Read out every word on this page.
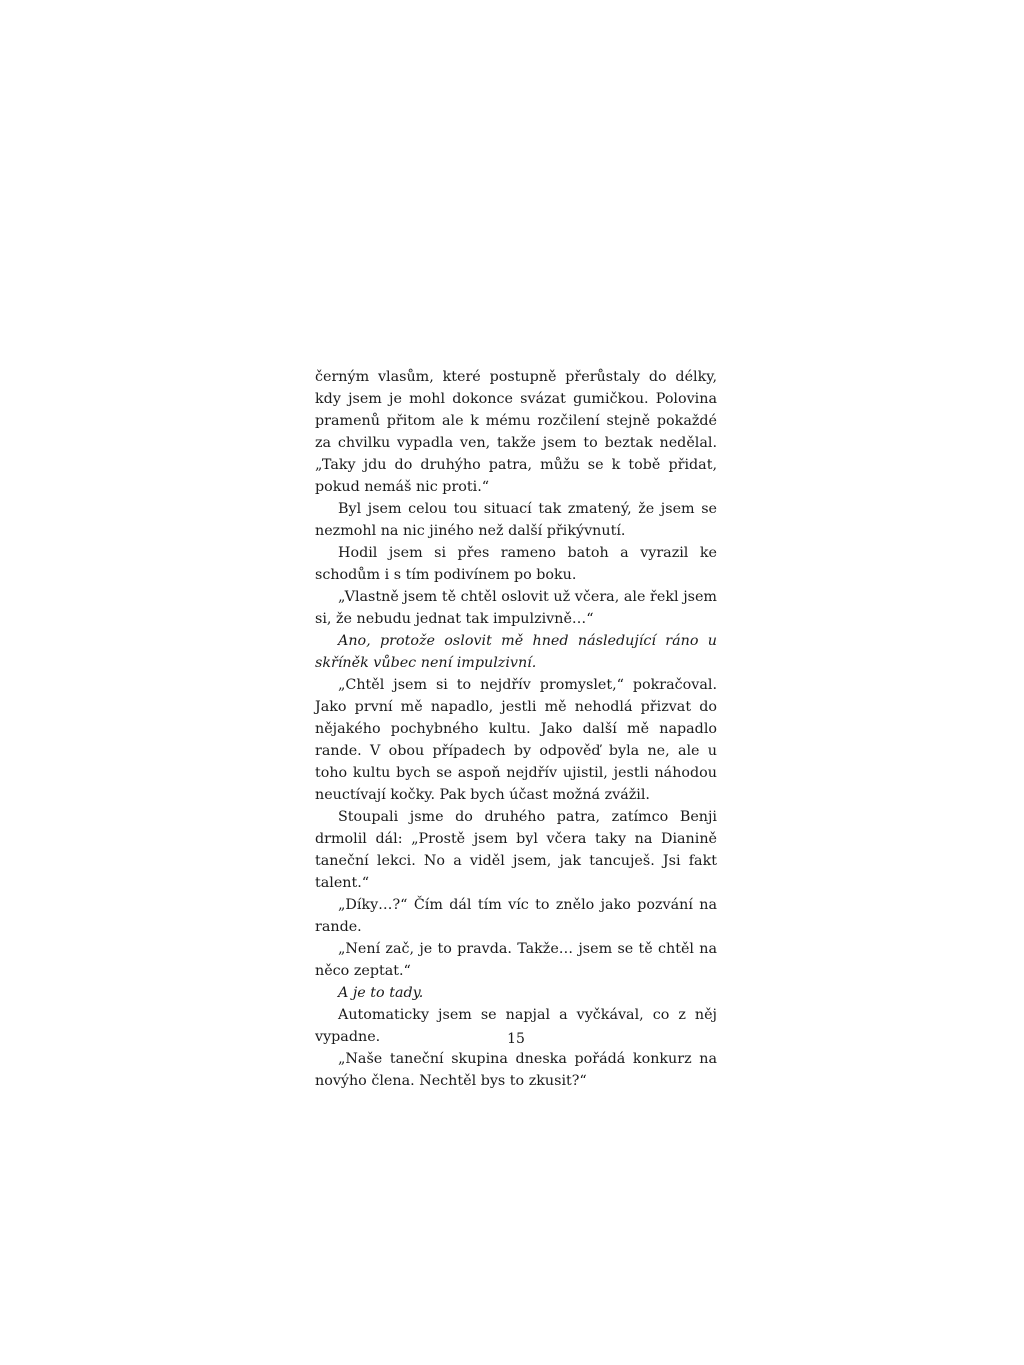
černým vlasům, které postupně přerůstaly do délky, kdy jsem je mohl dokonce svázat gumičkou. Polovina pramenů přitom ale k mému rozčilení stejně pokaždé za chvilku vypadla ven, takže jsem to beztak nedělal. „Taky jdu do druhýho patra, můžu se k tobě přidat, pokud nemáš nic proti.“

Byl jsem celou tou situací tak zmatený, že jsem se nezmohl na nic jiného než další přikývnutí.

Hodil jsem si přes rameno batoh a vyrazil ke schodům i s tím podivínem po boku.

„Vlastně jsem tě chtěl oslovit už včera, ale řekl jsem si, že nebudu jednat tak impulzivně…“

Ano, protože oslovit mě hned následující ráno u skříněk vůbec není impulzivní.

„Chtěl jsem si to nejdřív promyslet,“ pokračoval. Jako první mě napadlo, jestli mě nehodlá přizvat do nějakého pochybného kultu. Jako další mě napadlo rande. V obou případech by odpověď byla ne, ale u toho kultu bych se aspoň nejdřív ujistil, jestli náhodou neuctívají kočky. Pak bych účast možná zvážil.

Stoupali jsme do druhého patra, zatímco Benji drmolil dál: „Prostě jsem byl včera taky na Dianině taneční lekci. No a viděl jsem, jak tancuješ. Jsi fakt talent.“

„Díky…?“ Čím dál tím víc to znělo jako pozvání na rande.

„Není zač, je to pravda. Takže… jsem se tě chtěl na něco zeptat.“

A je to tady.

Automaticky jsem se napjal a vyčkával, co z něj vypadne.

„Naše taneční skupina dneska pořádá konkurz na novýho člena. Nechtěl bys to zkusit?“

15
